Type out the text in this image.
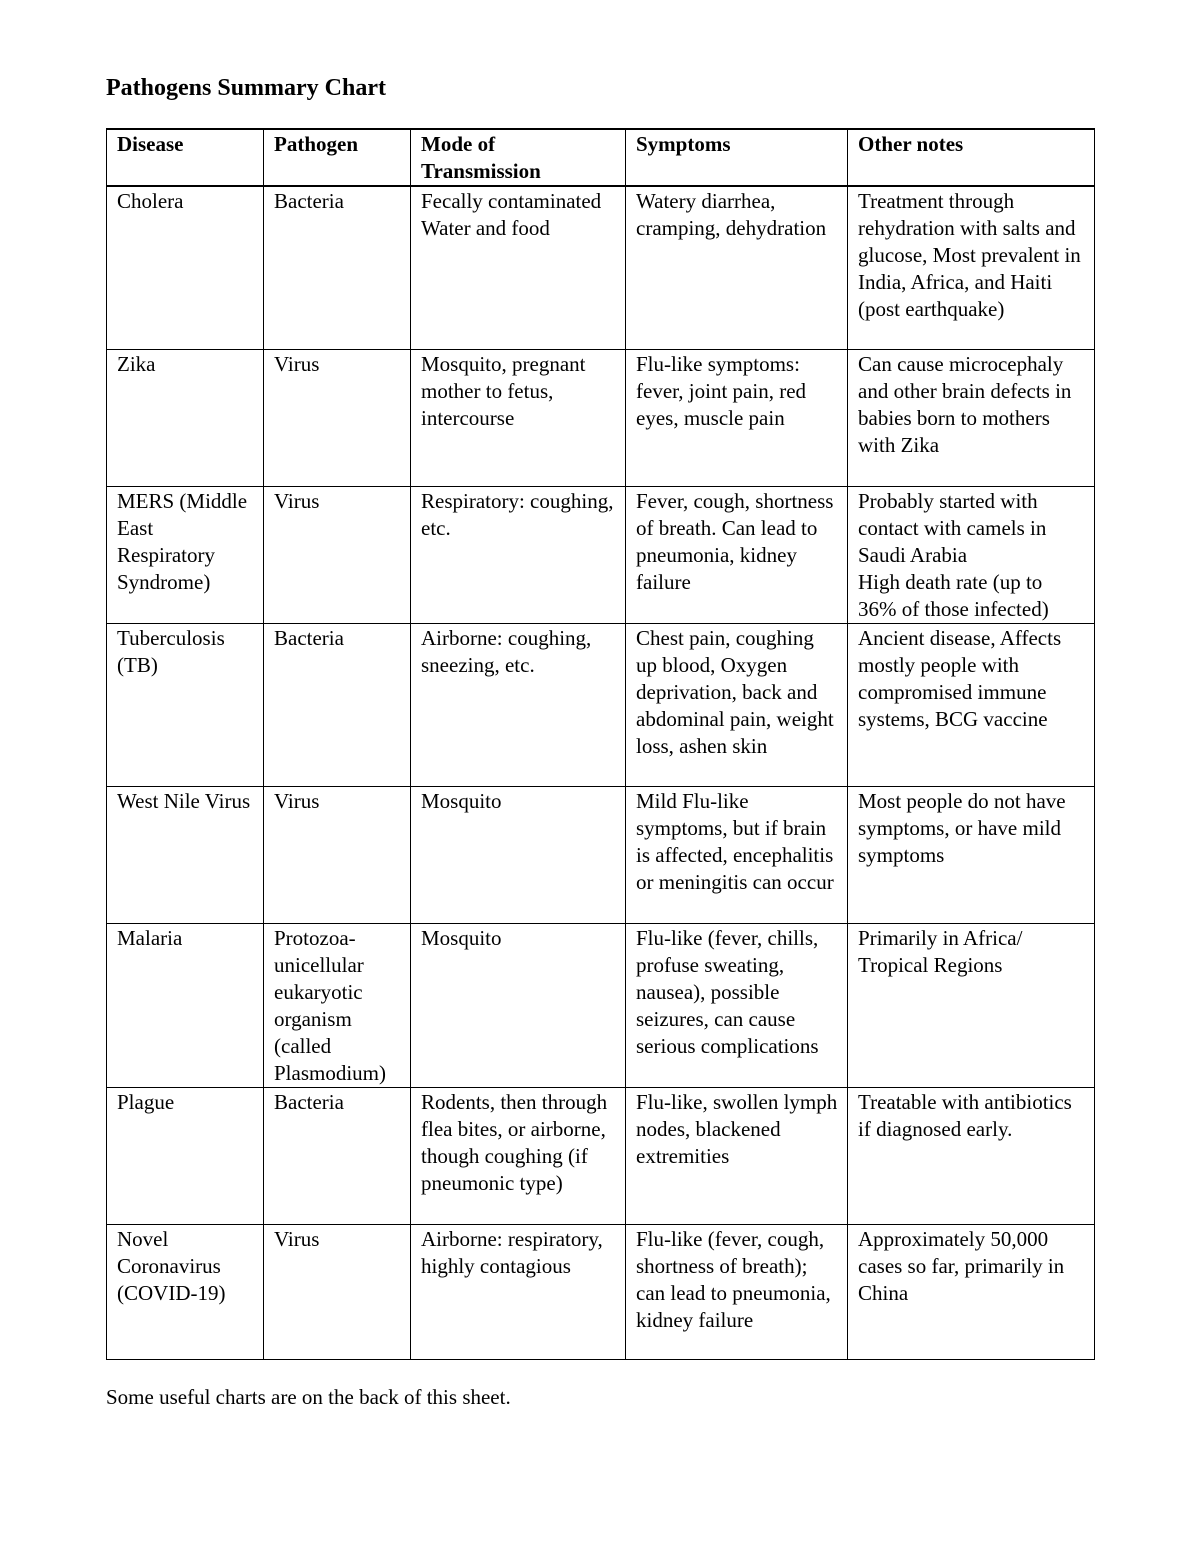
Pathogens Summary Chart
Disease	Pathogen	Mode of Transmission	Symptoms	Other notes
Cholera	Bacteria	Fecally contaminated Water and food	Watery diarrhea, cramping, dehydration	Treatment through rehydration with salts and glucose, Most prevalent in India, Africa, and Haiti (post earthquake)
Zika	Virus	Mosquito, pregnant mother to fetus, intercourse	Flu-like symptoms: fever, joint pain, red eyes, muscle pain	Can cause microcephaly and other brain defects in babies born to mothers with Zika
MERS (Middle East Respiratory Syndrome)	Virus	Respiratory: coughing, etc.	Fever, cough, shortness of breath. Can lead to pneumonia, kidney failure	Probably started with contact with camels in Saudi Arabia
High death rate (up to 36% of those infected)
Tuberculosis (TB)	Bacteria	Airborne: coughing, sneezing, etc.	Chest pain, coughing up blood, Oxygen deprivation, back and abdominal pain, weight loss, ashen skin	Ancient disease, Affects mostly people with compromised immune systems, BCG vaccine
West Nile Virus	Virus	Mosquito	Mild Flu-like symptoms, but if brain is affected, encephalitis or meningitis can occur	Most people do not have symptoms, or have mild symptoms
Malaria	Protozoa- unicellular eukaryotic organism (called Plasmodium)	Mosquito	Flu-like (fever, chills, profuse sweating, nausea), possible seizures, can cause serious complications	Primarily in Africa/ Tropical Regions
Plague	Bacteria	Rodents, then through flea bites, or airborne, though coughing (if pneumonic type)	Flu-like, swollen lymph nodes, blackened extremities	Treatable with antibiotics if diagnosed early.
Novel Coronavirus (COVID-19)	Virus	Airborne: respiratory, highly contagious	Flu-like (fever, cough, shortness of breath); can lead to pneumonia, kidney failure	Approximately 50,000 cases so far, primarily in China

Some useful charts are on the back of this sheet.
